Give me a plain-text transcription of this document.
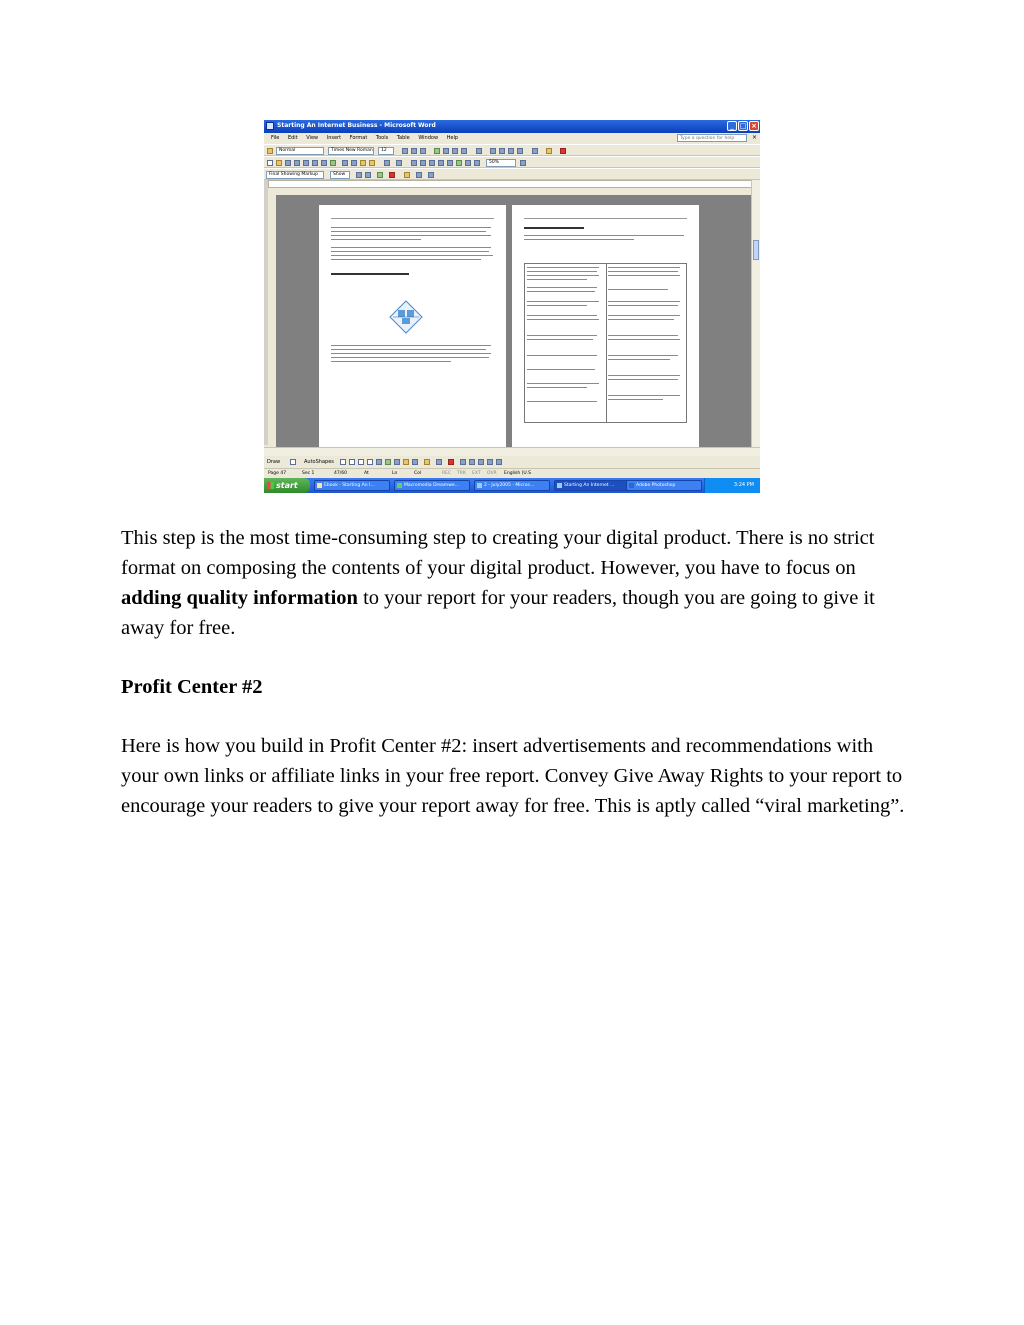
Starting An Internet Business - Microsoft Word	_ □ ×
File Edit View Insert Format Tools Table Window Help	Type a question for help	×
Normal	Times New Roman	12
50%
Final Showing Markup	Show
Draw	AutoShapes
Page 47	Sec 1	47/60	At	Ln	Col	REC TRK EXT OVR English (U.S
start	Ebook - Starting An I...	Macromedia Dreamwe...	2 - July2005 - Micros...	Starting An Internet ...	Adobe Photoshop	3:24 PM

This step is the most time-consuming step to creating your digital product. There is no strict format on composing the contents of your digital product. However, you have to focus on adding quality information to your report for your readers, though you are going to give it away for free.

Profit Center #2

Here is how you build in Profit Center #2: insert advertisements and recommendations with your own links or affiliate links in your free report. Convey Give Away Rights to your report to encourage your readers to give your report away for free. This is aptly called “viral marketing”.
